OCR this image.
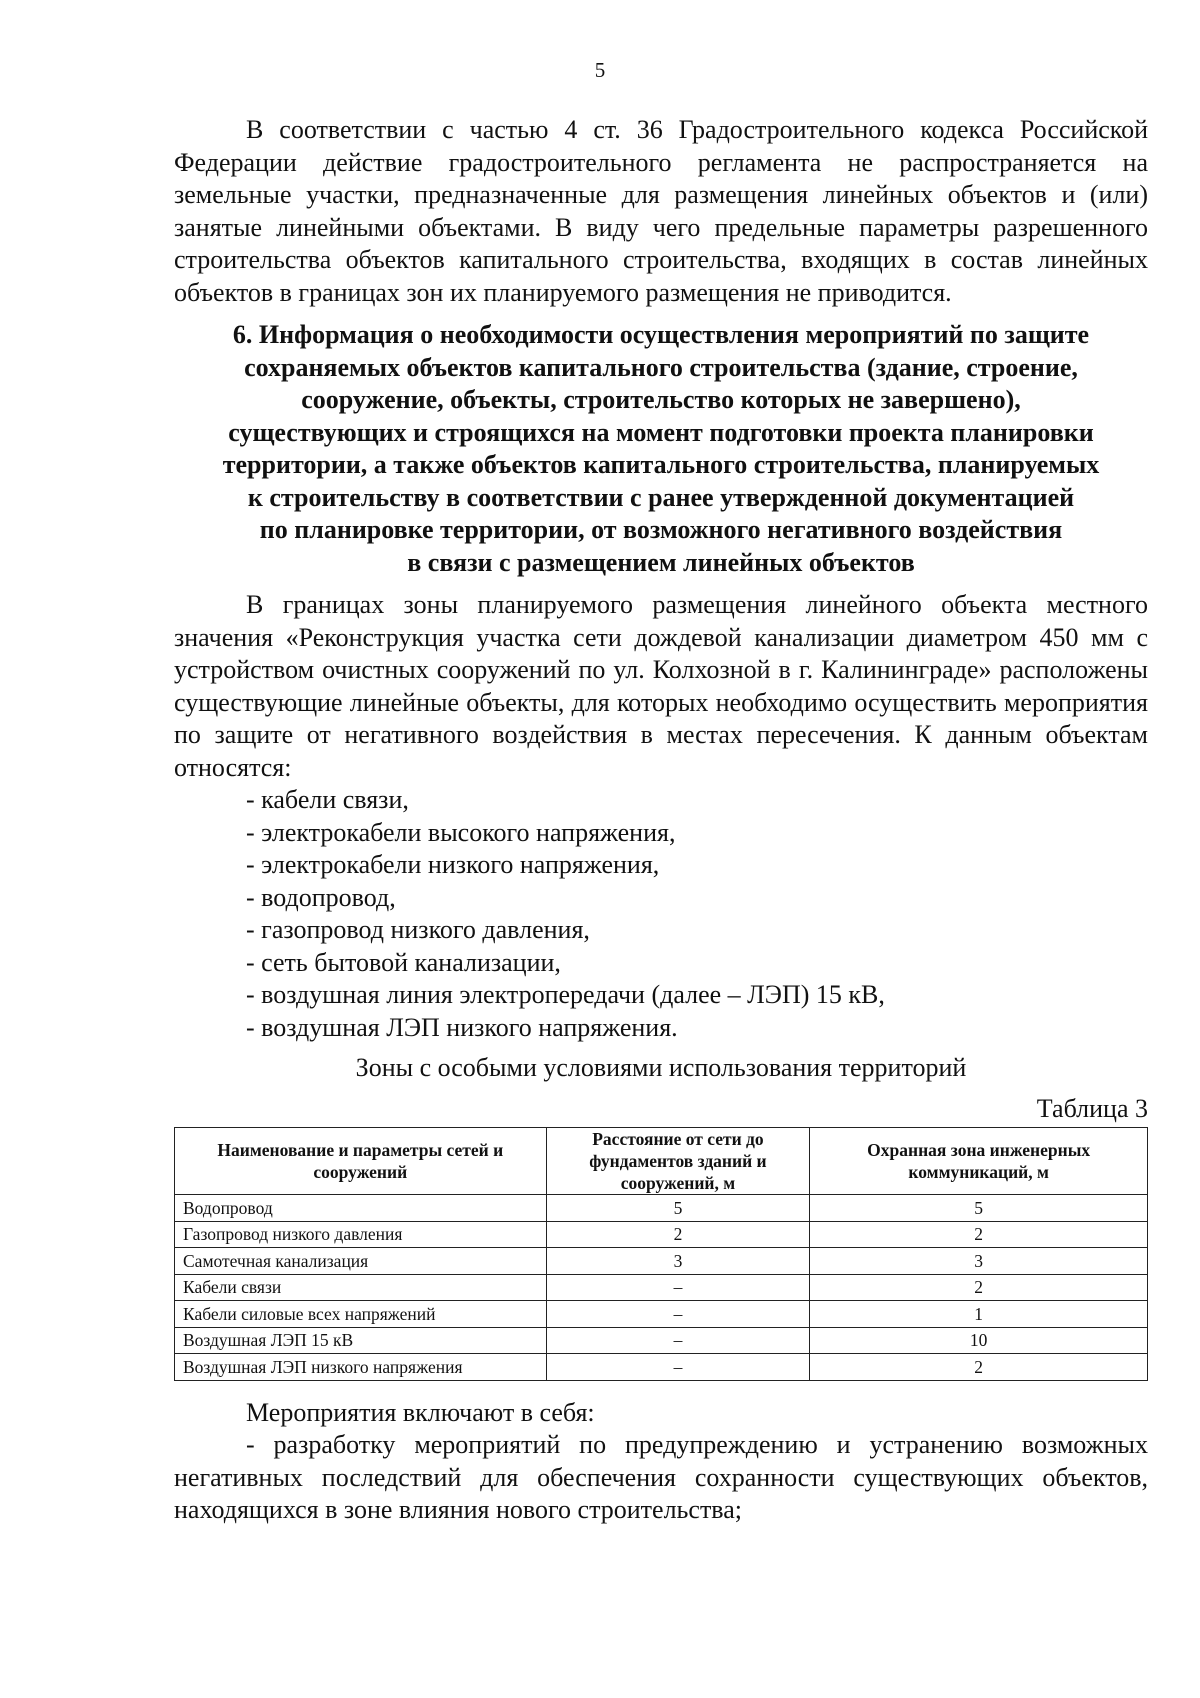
5

В соответствии с частью 4 ст. 36 Градостроительного кодекса Российской Федерации действие градостроительного регламента не распространяется на земельные участки, предназначенные для размещения линейных объектов и (или) занятые линейными объектами. В виду чего предельные параметры разрешенного строительства объектов капитального строительства, входящих в состав линейных объектов в границах зон их планируемого размещения не приводится.

6. Информация о необходимости осуществления мероприятий по защите
сохраняемых объектов капитального строительства (здание, строение,
сооружение, объекты, строительство которых не завершено),
существующих и строящихся на момент подготовки проекта планировки
территории, а также объектов капитального строительства, планируемых
к строительству в соответствии с ранее утвержденной документацией
по планировке территории, от возможного негативного воздействия
в связи с размещением линейных объектов

В границах зоны планируемого размещения линейного объекта местного значения «Реконструкция участка сети дождевой канализации диаметром 450 мм с устройством очистных сооружений по ул. Колхозной в г. Калининграде» расположены существующие линейные объекты, для которых необходимо осуществить мероприятия по защите от негативного воздействия в местах пересечения. К данным объектам относятся:

- кабели связи,
- электрокабели высокого напряжения,
- электрокабели низкого напряжения,
- водопровод,
- газопровод низкого давления,
- сеть бытовой канализации,
- воздушная линия электропередачи (далее – ЛЭП) 15 кВ,
- воздушная ЛЭП низкого напряжения.
Зоны с особыми условиями использования территорий
Таблица 3
Наименование и параметры сетей и сооружений	Расстояние от сети до фундаментов зданий и сооружений, м	Охранная зона инженерных коммуникаций, м
Водопровод	5	5
Газопровод низкого давления	2	2
Самотечная канализация	3	3
Кабели связи	–	2
Кабели силовые всех напряжений	–	1
Воздушная ЛЭП 15 кВ	–	10
Воздушная ЛЭП низкого напряжения	–	2

Мероприятия включают в себя:

- разработку мероприятий по предупреждению и устранению возможных негативных последствий для обеспечения сохранности существующих объектов, находящихся в зоне влияния нового строительства;
